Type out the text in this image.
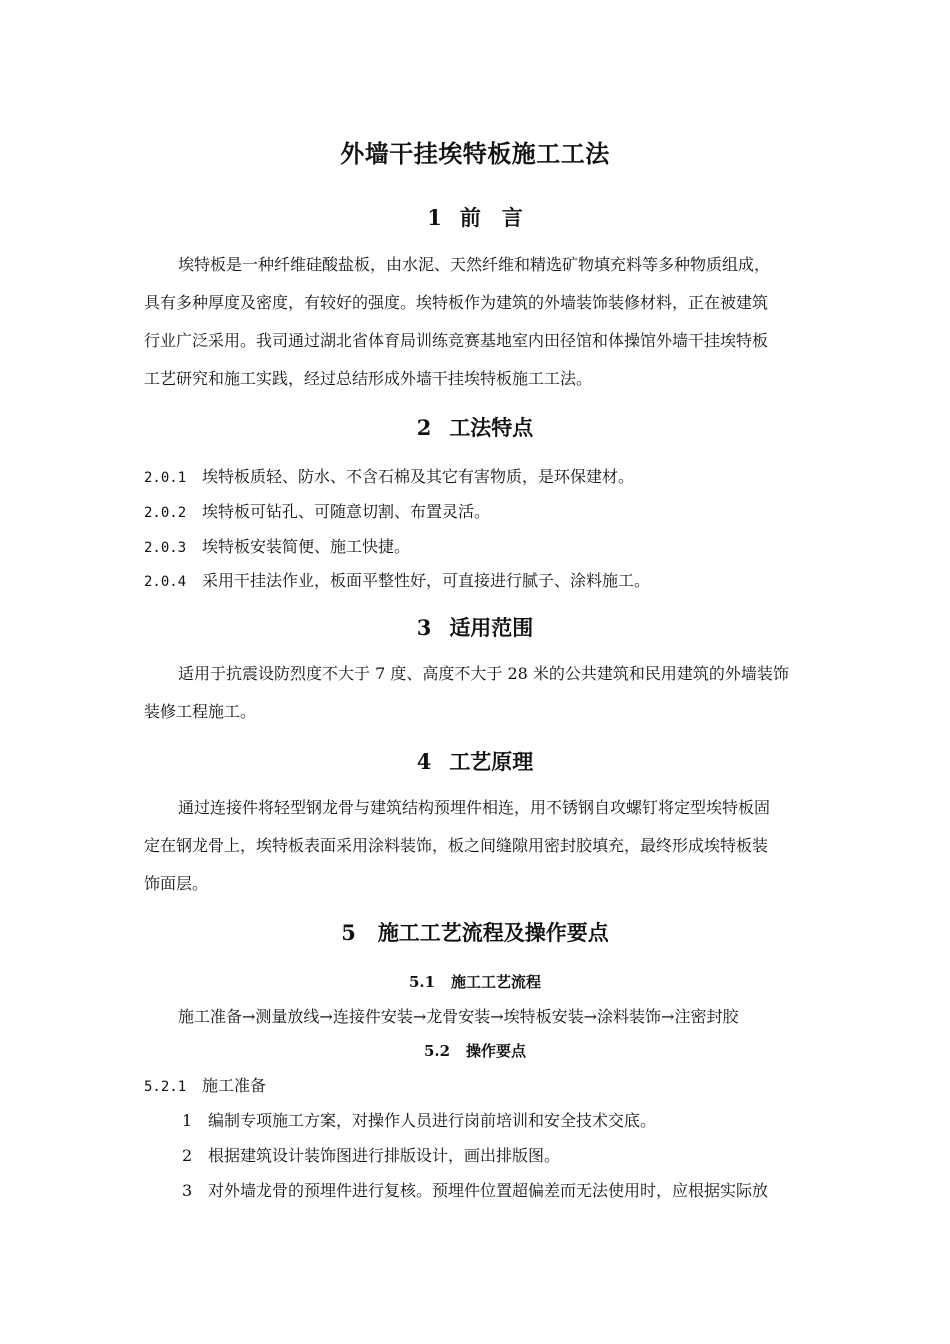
外墙干挂埃特板施工工法
1 前　言
埃特板是一种纤维硅酸盐板，由水泥、天然纤维和精选矿物填充料等多种物质组成，
具有多种厚度及密度，有较好的强度。埃特板作为建筑的外墙装饰装修材料，正在被建筑
行业广泛采用。我司通过湖北省体育局训练竞赛基地室内田径馆和体操馆外墙干挂埃特板
工艺研究和施工实践，经过总结形成外墙干挂埃特板施工工法。
2 工法特点
2.0.1 埃特板质轻、防水、不含石棉及其它有害物质，是环保建材。
2.0.2 埃特板可钻孔、可随意切割、布置灵活。
2.0.3 埃特板安装简便、施工快捷。
2.0.4 采用干挂法作业，板面平整性好，可直接进行腻子、涂料施工。
3 适用范围
适用于抗震设防烈度不大于 7 度、高度不大于 28 米的公共建筑和民用建筑的外墙装饰
装修工程施工。
4 工艺原理
通过连接件将轻型钢龙骨与建筑结构预埋件相连，用不锈钢自攻螺钉将定型埃特板固
定在钢龙骨上，埃特板表面采用涂料装饰，板之间缝隙用密封胶填充，最终形成埃特板装
饰面层。
5 施工工艺流程及操作要点
5.1 施工工艺流程
施工准备→测量放线→连接件安装→龙骨安装→埃特板安装→涂料装饰→注密封胶
5.2 操作要点
5.2.1 施工准备
1 编制专项施工方案，对操作人员进行岗前培训和安全技术交底。
2 根据建筑设计装饰图进行排版设计，画出排版图。
3 对外墙龙骨的预埋件进行复核。预埋件位置超偏差而无法使用时，应根据实际放
